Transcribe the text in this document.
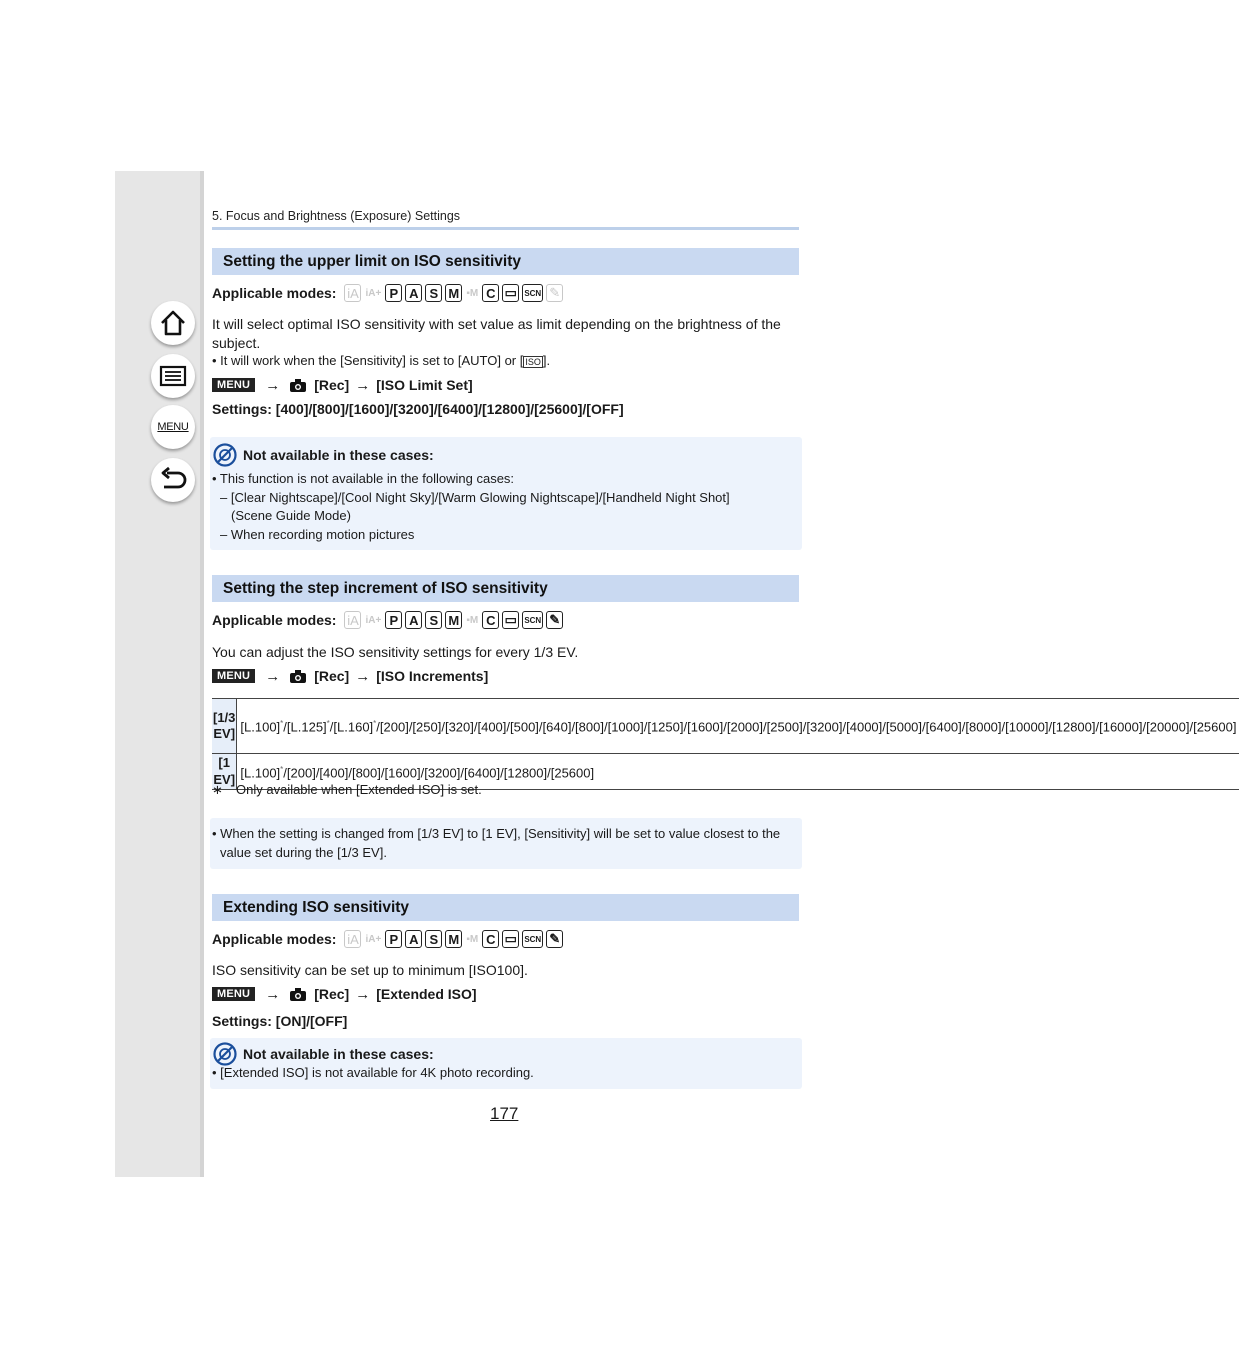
MENU
5. Focus and Brightness (Exposure) Settings
Setting the upper limit on ISO sensitivity
Applicable modes: iA iA+ P A S M ▪M C ▭ SCN ✎
It will select optimal ISO sensitivity with set value as limit depending on the brightness of the subject.
• It will work when the [Sensitivity] is set to [AUTO] or [ ISO ].
MENU	→ [Rec] → [ISO Limit Set]
Settings: [400]/[800]/[1600]/[3200]/[6400]/[12800]/[25600]/[OFF]
Not available in these cases:
• This function is not available in the following cases:
– [Clear Nightscape]/[Cool Night Sky]/[Warm Glowing Nightscape]/[Handheld Night Shot]
(Scene Guide Mode)
– When recording motion pictures
Setting the step increment of ISO sensitivity
Applicable modes: iA iA+ P A S M ▪M C ▭ SCN ✎
You can adjust the ISO sensitivity settings for every 1/3 EV.
MENU	→ [Rec] → [ISO Increments]
[1/3 EV]	[L.100]*/[L.125]*/[L.160]*/[200]/[250]/[320]/[400]/[500]/[640]/[800]/[1000]/[1250]/[1600]/[2000]/[2500]/[3200]/[4000]/[5000]/[6400]/[8000]/[10000]/[12800]/[16000]/[20000]/[25600]
[1 EV]	[L.100]*/[200]/[400]/[800]/[1600]/[3200]/[6400]/[12800]/[25600]
∗ Only available when [Extended ISO] is set.
• When the setting is changed from [1/3 EV] to [1 EV], [Sensitivity] will be set to value closest to the value set during the [1/3 EV].
Extending ISO sensitivity
Applicable modes: iA iA+ P A S M ▪M C ▭ SCN ✎
ISO sensitivity can be set up to minimum [ISO100].
MENU	→ [Rec] → [Extended ISO]
Settings: [ON]/[OFF]
Not available in these cases:
• [Extended ISO] is not available for 4K photo recording.
177
